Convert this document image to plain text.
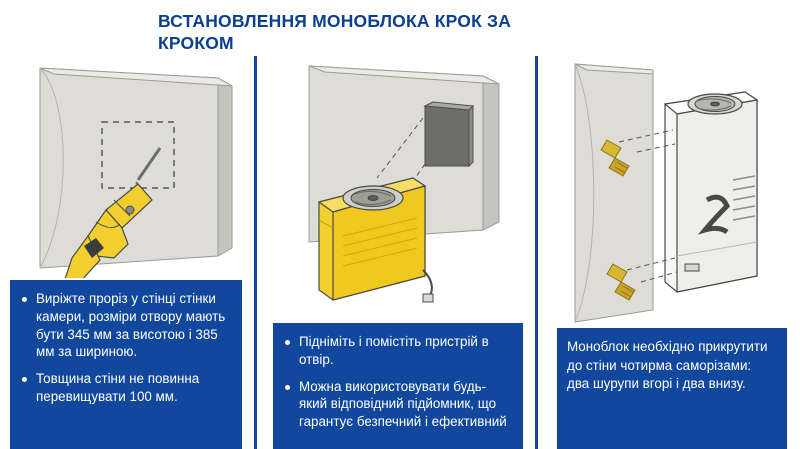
ВСТАНОВЛЕННЯ МОНОБЛОКА КРОК ЗА КРОКОМ
Виріжте проріз у стінці стінки камери, розміри отвору мають бути 345 мм за висотою і 385 мм за шириною.
Товщина стіни не повинна перевищувати 100 мм.
Підніміть і помістіть пристрій в отвір.
Можна використовувати будь-який відповідний підйомник, що гарантує безпечний і ефективний
Моноблок необхідно прикрутити до стіни чотирма саморізами: два шурупи вгорі і два внизу.
